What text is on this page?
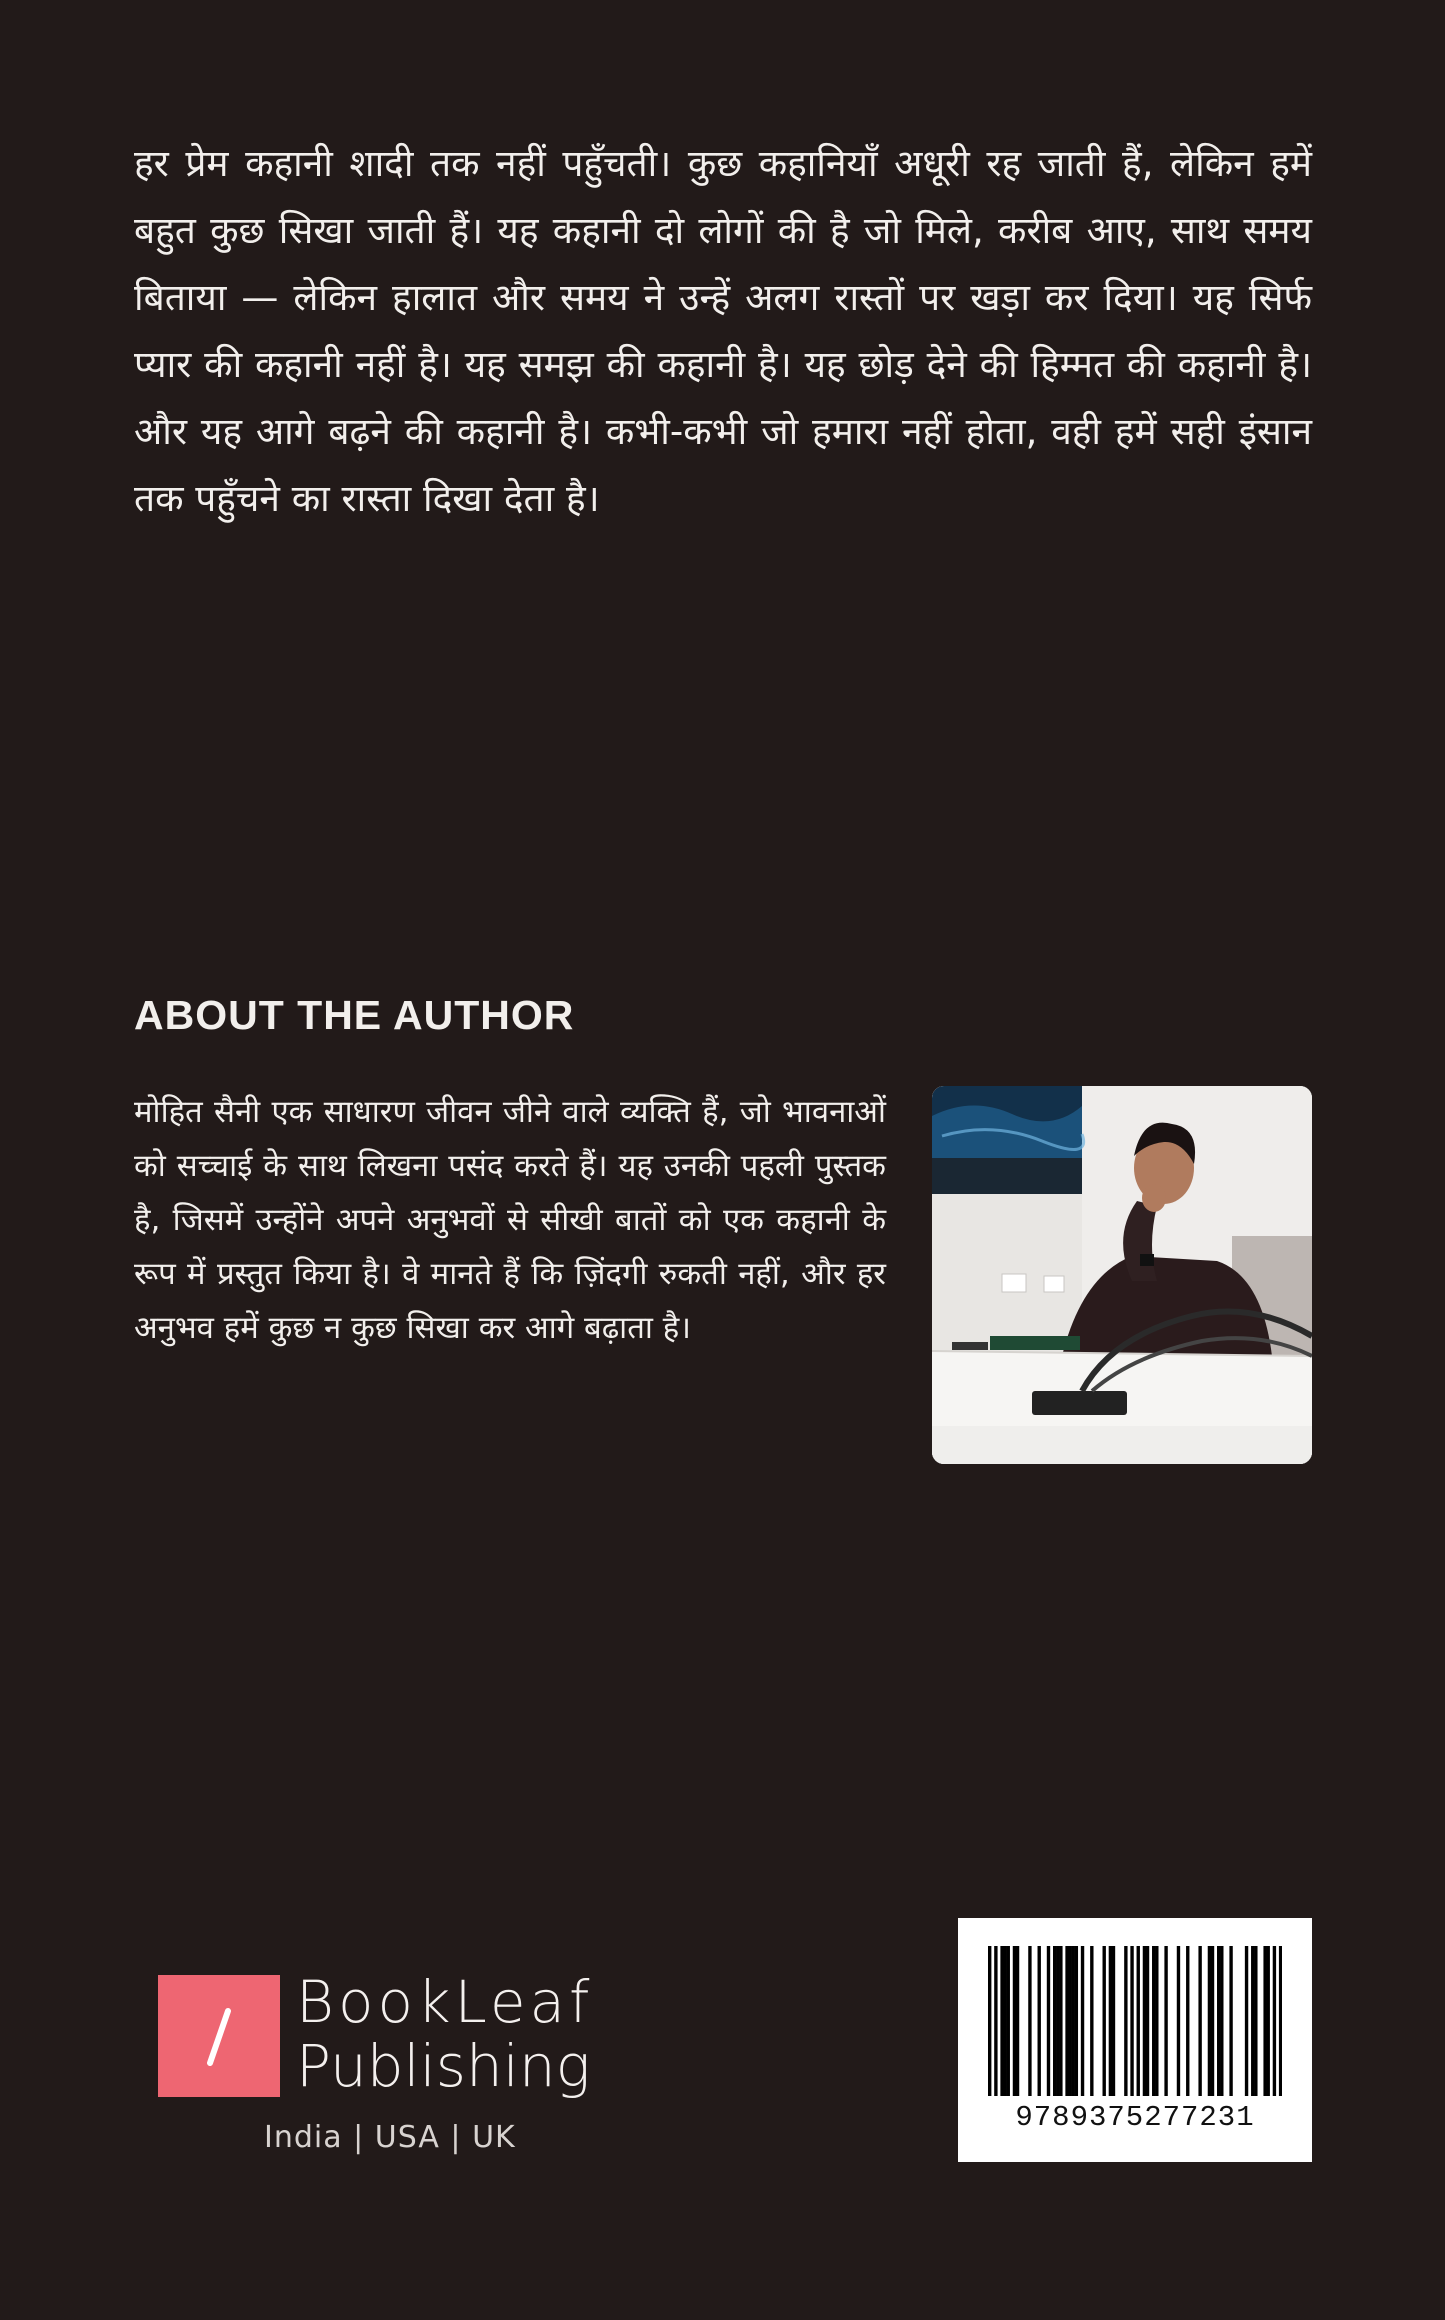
हर प्रेम कहानी शादी तक नहीं पहुँचती। कुछ कहानियाँ अधूरी रह जाती हैं, लेकिन हमें बहुत कुछ सिखा जाती हैं। यह कहानी दो लोगों की है जो मिले, करीब आए, साथ समय बिताया — लेकिन हालात और समय ने उन्हें अलग रास्तों पर खड़ा कर दिया। यह सिर्फ प्यार की कहानी नहीं है। यह समझ की कहानी है। यह छोड़ देने की हिम्मत की कहानी है। और यह आगे बढ़ने की कहानी है। कभी-कभी जो हमारा नहीं होता, वही हमें सही इंसान तक पहुँचने का रास्ता दिखा देता है।

ABOUT THE AUTHOR

मोहित सैनी एक साधारण जीवन जीने वाले व्यक्ति हैं, जो भावनाओं को सच्चाई के साथ लिखना पसंद करते हैं। यह उनकी पहली पुस्तक है, जिसमें उन्होंने अपने अनुभवों से सीखी बातों को एक कहानी के रूप में प्रस्तुत किया है। वे मानते हैं कि ज़िंदगी रुकती नहीं, और हर अनुभव हमें कुछ न कुछ सिखा कर आगे बढ़ाता है।

BookLeaf
Publishing
India | USA | UK
9789375277231
